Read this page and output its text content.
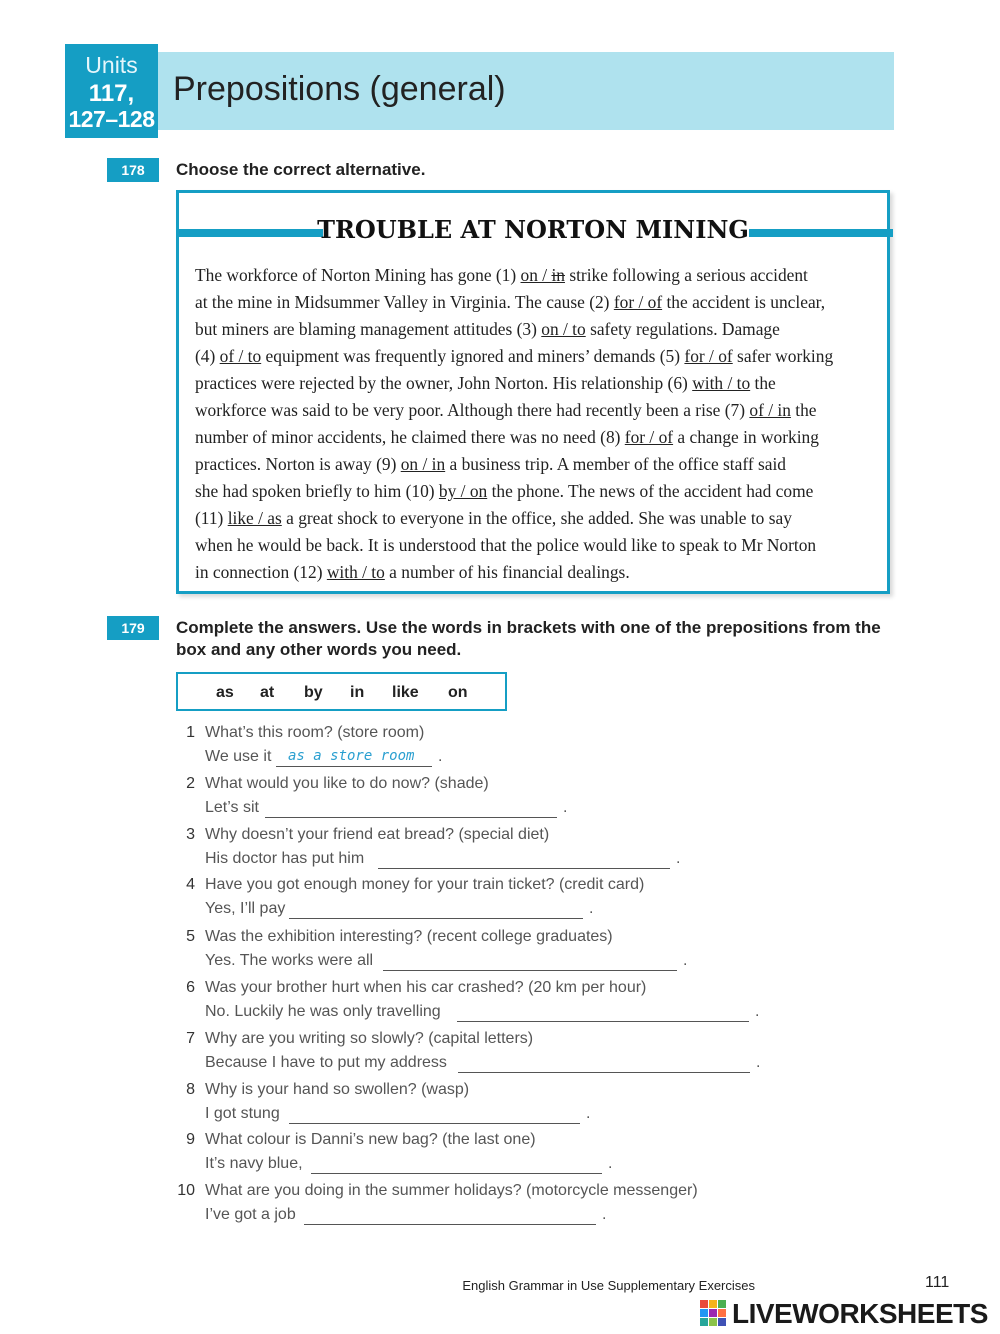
Units
117,
127–128
Prepositions (general)
178	Choose the correct alternative.
TROUBLE AT NORTON MINING
The workforce of Norton Mining has gone (1) on / in strike following a serious accident
at the mine in Midsummer Valley in Virginia. The cause (2) for / of the accident is unclear,
but miners are blaming management attitudes (3) on / to safety regulations. Damage
(4) of / to equipment was frequently ignored and miners’ demands (5) for / of safer working
practices were rejected by the owner, John Norton. His relationship (6) with / to the
workforce was said to be very poor. Although there had recently been a rise (7) of / in the
number of minor accidents, he claimed there was no need (8) for / of a change in working
practices. Norton is away (9) on / in a business trip. A member of the office staff said
she had spoken briefly to him (10) by / on the phone. The news of the accident had come
(11) like / as a great shock to everyone in the office, she added. She was unable to say
when he would be back. It is understood that the police would like to speak to Mr Norton
in connection (12) with / to a number of his financial dealings.
179	Complete the answers. Use the words in brackets with one of the prepositions from the
box and any other words you need.
as at by in like on
1 What’s this room? (store room)
We use it as a store room .
2 What would you like to do now? (shade)
Let’s sit	.
3 Why doesn’t your friend eat bread? (special diet)
His doctor has put him	.
4 Have you got enough money for your train ticket? (credit card)
Yes, I’ll pay	.
5 Was the exhibition interesting? (recent college graduates)
Yes. The works were all	.
6 Was your brother hurt when his car crashed? (20 km per hour)
No. Luckily he was only travelling	.
7 Why are you writing so slowly? (capital letters)
Because I have to put my address	.
8 Why is your hand so swollen? (wasp)
I got stung	.
9 What colour is Danni’s new bag? (the last one)
It’s navy blue,	.
10 What are you doing in the summer holidays? (motorcycle messenger)
I’ve got a job	.
English Grammar in Use Supplementary Exercises	111
LIVEWORKSHEETS
